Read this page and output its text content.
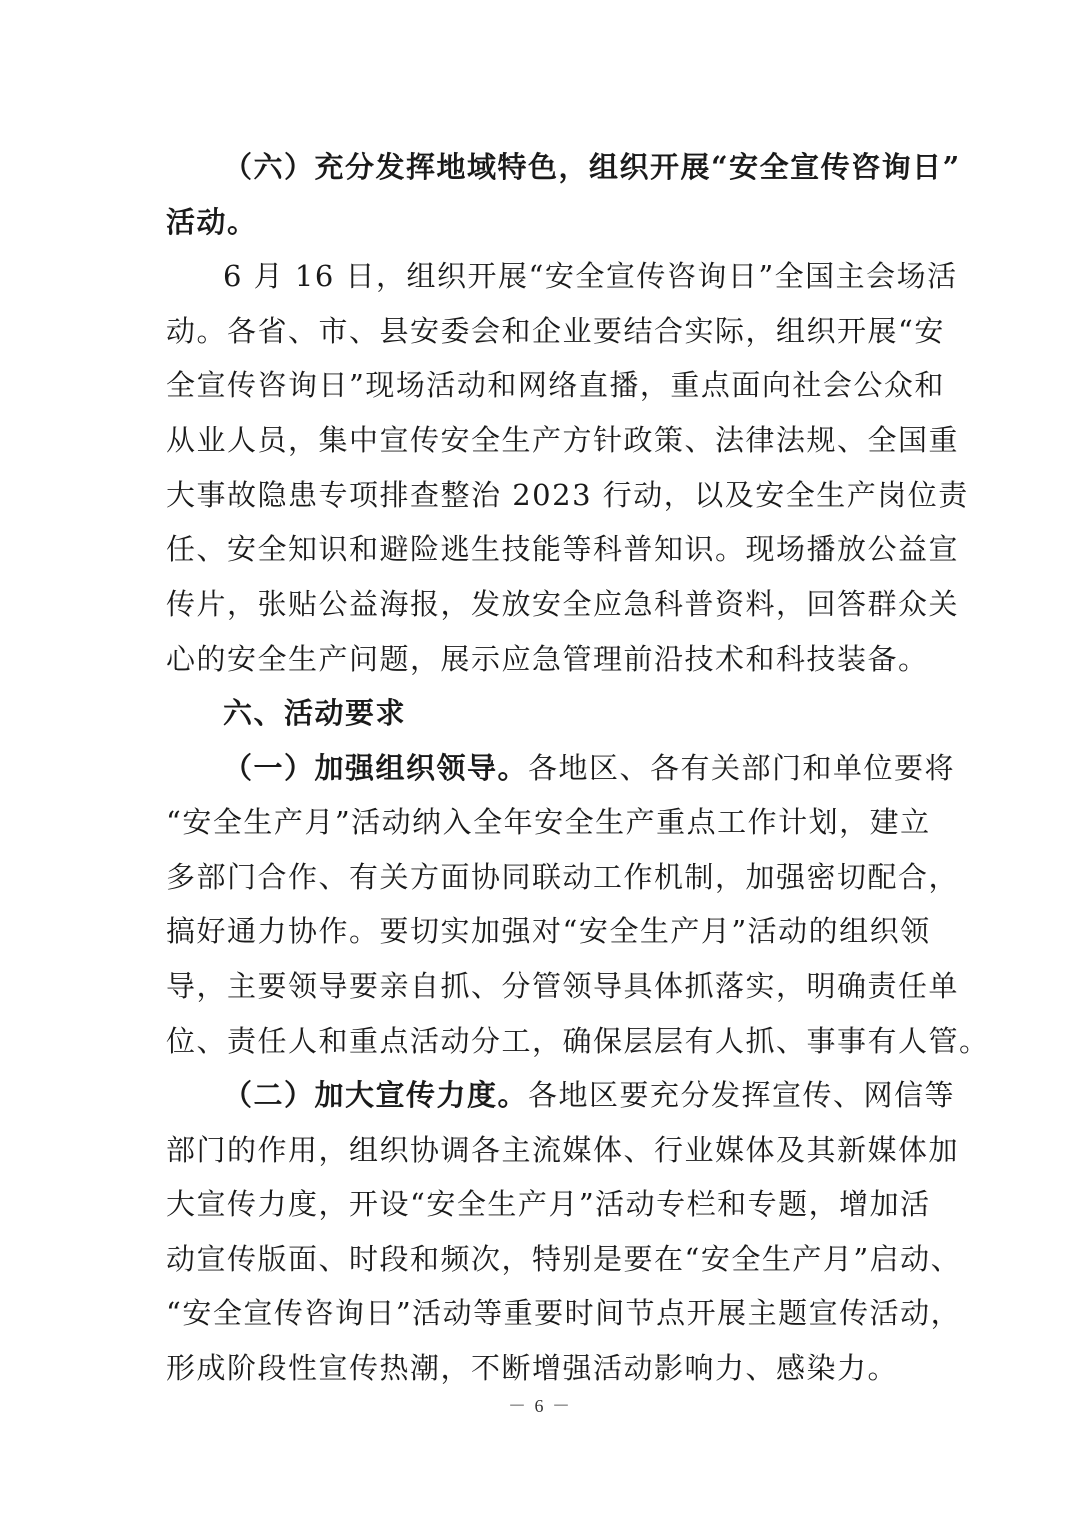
（六）充分发挥地域特色，组织开展“安全宣传咨询日”
活动。
6 月 16 日，组织开展“安全宣传咨询日”全国主会场活
动。各省、市、县安委会和企业要结合实际，组织开展“安
全宣传咨询日”现场活动和网络直播，重点面向社会公众和
从业人员，集中宣传安全生产方针政策、法律法规、全国重
大事故隐患专项排查整治 2023 行动，以及安全生产岗位责
任、安全知识和避险逃生技能等科普知识。现场播放公益宣
传片，张贴公益海报，发放安全应急科普资料，回答群众关
心的安全生产问题，展示应急管理前沿技术和科技装备。
六、活动要求
（一）加强组织领导。各地区、各有关部门和单位要将
“安全生产月”活动纳入全年安全生产重点工作计划，建立
多部门合作、有关方面协同联动工作机制，加强密切配合，
搞好通力协作。要切实加强对“安全生产月”活动的组织领
导，主要领导要亲自抓、分管领导具体抓落实，明确责任单
位、责任人和重点活动分工，确保层层有人抓、事事有人管。
（二）加大宣传力度。各地区要充分发挥宣传、网信等
部门的作用，组织协调各主流媒体、行业媒体及其新媒体加
大宣传力度，开设“安全生产月”活动专栏和专题，增加活
动宣传版面、时段和频次，特别是要在“安全生产月”启动、
“安全宣传咨询日”活动等重要时间节点开展主题宣传活动，
形成阶段性宣传热潮，不断增强活动影响力、感染力。
－ 6 －
